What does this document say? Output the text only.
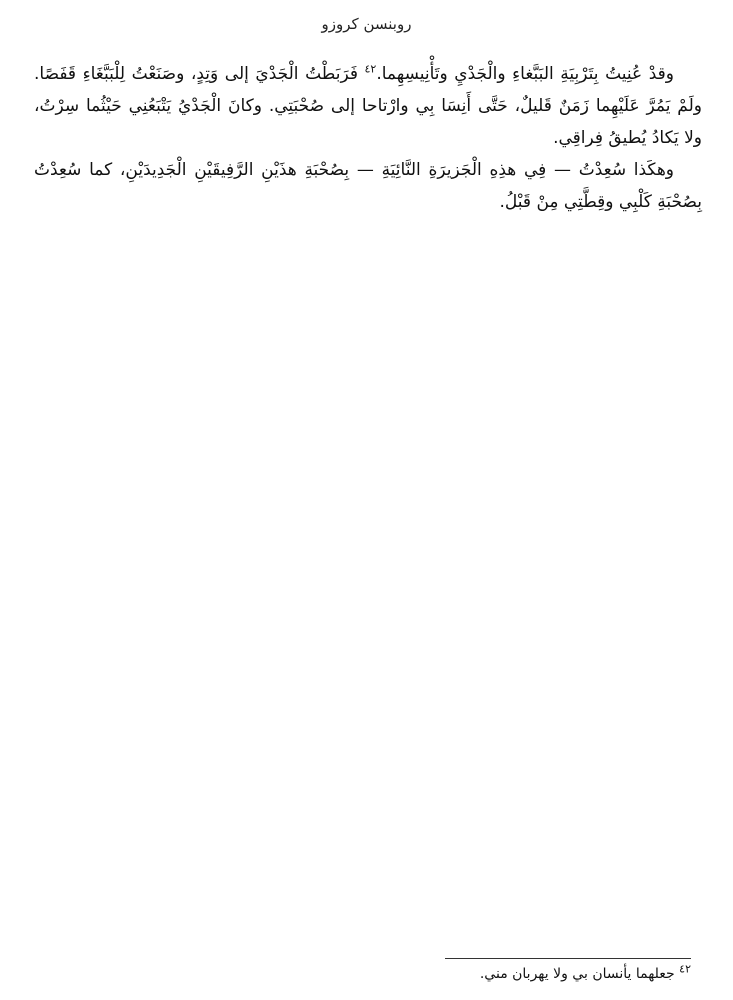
روبنسن كروزو

وقدْ عُنِيتُ بِتَرْبِيَةِ البَبَّغاءِ والْجَدْيِ وتَأْنِيسِهِما.$^{٤٢}$ فَرَبَطْتُ الْجَدْيَ إلى وَتِدٍ، وصَنَعْتُ لِلْبَبَّغَاءِ قَفَصًا. ولَمْ يَمُرَّ عَلَيْهِما زَمَنٌ قَليلٌ، حَتَّى أَنِسَا بِي وارْتاحا إلى صُحْبَتِي. وكانَ الْجَدْيُ يَتْبَعُنِي حَيْثُما سِرْتُ، ولا يَكادُ يُطيقُ فِراقِي.

وهكَذا سُعِدْتُ — فِي هذِهِ الْجَزيرَةِ النَّائِيَةِ — بِصُحْبَةِ هذَيْنِ الرَّفِيقَيْنِ الْجَدِيدَيْنِ، كما سُعِدْتُ بِصُحْبَةِ كَلْبِي وقِطَّتِي مِنْ قَبْلُ.

$^{٤٢}$ جعلهما يأنسان بي ولا يهربان مني.
